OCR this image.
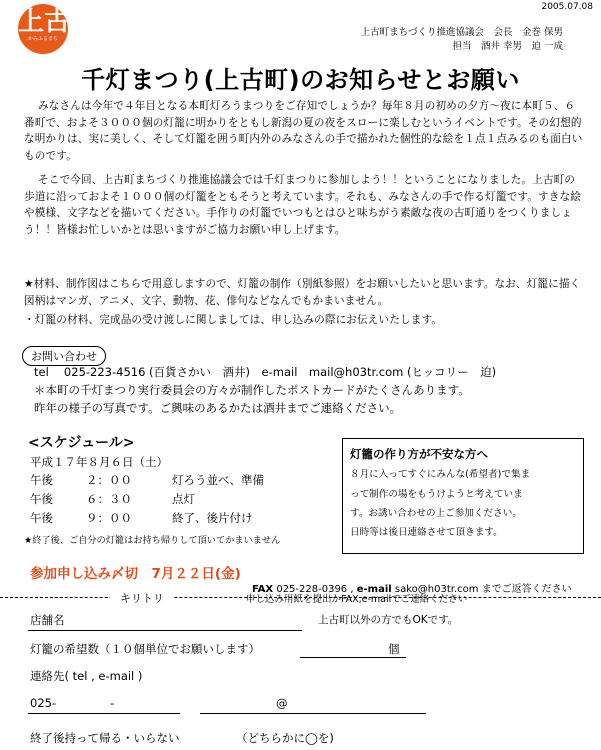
上古
かみふるまち
2005.07.08
上古町まちづくり推進協議会　会長　金巻 保男
担当　酒井 幸男　迫 一成
千灯まつり(上古町)のお知らせとお願い
みなさんは今年で４年目となる本町灯ろうまつりをご存知でしょうか？毎年８月の初めの夕方〜夜に本町５、６番町で、およそ３０００個の灯籠に明かりをともし新潟の夏の夜をスローに楽しむというイベントです。その幻想的な明かりは、実に美しく、そして灯籠を囲う町内外のみなさんの手で描かれた個性的な絵を１点１点みるのも面白いものです。
そこで今回、上古町まちづくり推進協議会では千灯まつりに参加しよう！！ということになりました。上古町の歩道に沿っておよそ１０００個の灯籠をともそうと考えています。それも、みなさんの手で作る灯籠です。すきな絵や模様、文字などを描いてください。手作りの灯籠でいつもとはひと味ちがう素敵な夜の古町通りをつくりましょう！！皆様お忙しいかとは思いますがご協力お願い申し上げます。
★材料、制作図はこちらで用意しますので、灯籠の制作（別紙参照）をお願いしたいと思います。なお、灯籠に描く図柄はマンガ、アニメ、文字、動物、花、俳句などなんでもかまいません。
・灯籠の材料、完成品の受け渡しに関しましては、申し込みの際にお伝えいたします。
お問い合わせ
tel　 025-223-4516 (百貨さかい　酒井)　e-mail　mail@h03tr.com (ヒッコリー　迫)
＊本町の千灯まつり実行委員会の方々が制作したポストカードがたくさんあります。
昨年の様子の写真です。ご興味のあるかたは酒井までご連絡ください。
<スケジュール>
平成１７年８月６日（土）
午後	２：００	灯ろう並べ、準備
午後	６：３０	点灯
午後	９：００	終了、後片付け
★終了後、ご自分の灯籠はお持ち帰りして頂いてかまいません
灯籠の作り方が不安な方へ
８月に入ってすぐにみんな(希望者)で集ま
って制作の場をもうけようと考えていま
す。お誘い合わせの上ご参加ください。
日時等は後日連絡させて頂きます。
参加申し込み〆切　7月２２日(金)
FAX 025-228-0396 , e-mail sako@h03tr.com までご返答ください
申し込み用紙を提出かFAX,e-mailでご連絡ください
キリトリ
店舗名	上古町以外の方でもOKです。
灯籠の希望数（１０個単位でお願いします）	個
連絡先( tel , e-mail )
025-	-	@
終了後持って帰る・いらない	（どちらかに◯を)
